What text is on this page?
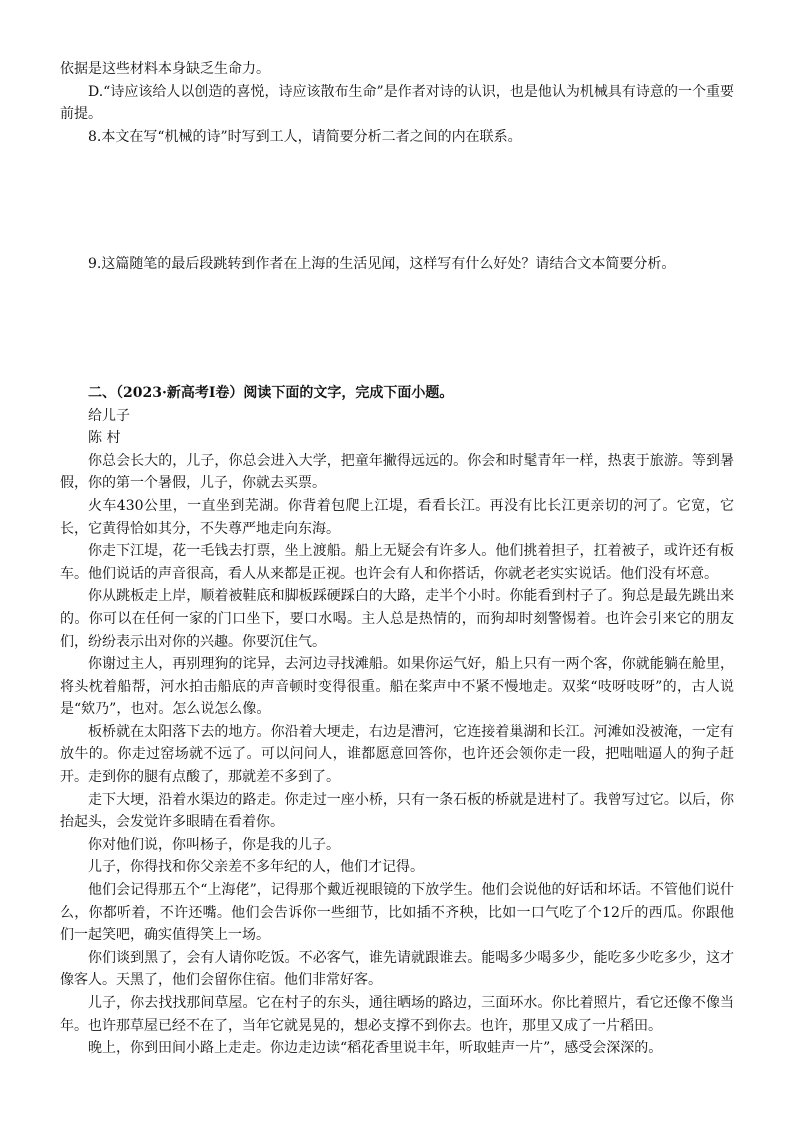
依据是这些材料本身缺乏生命力。

D.“诗应该给人以创造的喜悦，诗应该散布生命”是作者对诗的认识，也是他认为机械具有诗意的一个重要前提。

8.本文在写“机械的诗”时写到工人，请简要分析二者之间的内在联系。

9.这篇随笔的最后段跳转到作者在上海的生活见闻，这样写有什么好处？请结合文本简要分析。

二、（2023·新高考Ⅰ卷）阅读下面的文字，完成下面小题。

给儿子

陈 村

你总会长大的，儿子，你总会进入大学，把童年撇得远远的。你会和时髦青年一样，热衷于旅游。等到暑假，你的第一个暑假，儿子，你就去买票。

火车430公里，一直坐到芜湖。你背着包爬上江堤，看看长江。再没有比长江更亲切的河了。它宽，它长，它黄得恰如其分，不失尊严地走向东海。

你走下江堤，花一毛钱去打票，坐上渡船。船上无疑会有许多人。他们挑着担子，扛着被子，或许还有板车。他们说话的声音很高，看人从来都是正视。也许会有人和你搭话，你就老老实实说话。他们没有坏意。

你从跳板走上岸，顺着被鞋底和脚板踩硬踩白的大路，走半个小时。你能看到村子了。狗总是最先跳出来的。你可以在任何一家的门口坐下，要口水喝。主人总是热情的，而狗却时刻警惕着。也许会引来它的朋友们，纷纷表示出对你的兴趣。你要沉住气。

你谢过主人，再别理狗的诧异，去河边寻找滩船。如果你运气好，船上只有一两个客，你就能躺在舱里，将头枕着船帮，河水拍击船底的声音顿时变得很重。船在桨声中不紧不慢地走。双桨“吱呀吱呀”的，古人说是“欸乃”，也对。怎么说怎么像。

板桥就在太阳落下去的地方。你沿着大埂走，右边是漕河，它连接着巢湖和长江。河滩如没被淹，一定有放牛的。你走过窑场就不远了。可以问问人，谁都愿意回答你，也许还会领你走一段，把咄咄逼人的狗子赶开。走到你的腿有点酸了，那就差不多到了。

走下大埂，沿着水渠边的路走。你走过一座小桥，只有一条石板的桥就是进村了。我曾写过它。以后，你抬起头，会发觉许多眼睛在看着你。

你对他们说，你叫杨子，你是我的儿子。

儿子，你得找和你父亲差不多年纪的人，他们才记得。

他们会记得那五个“上海佬”，记得那个戴近视眼镜的下放学生。他们会说他的好话和坏话。不管他们说什么，你都听着，不许还嘴。他们会告诉你一些细节，比如插不齐秧，比如一口气吃了个12斤的西瓜。你跟他们一起笑吧，确实值得笑上一场。

你们谈到黑了，会有人请你吃饭。不必客气，谁先请就跟谁去。能喝多少喝多少，能吃多少吃多少，这才像客人。天黑了，他们会留你住宿。他们非常好客。

儿子，你去找找那间草屋。它在村子的东头，通往晒场的路边，三面环水。你比着照片，看它还像不像当年。也许那草屋已经不在了，当年它就晃晃的，想必支撑不到你去。也许，那里又成了一片稻田。

晚上，你到田间小路上走走。你边走边读“稻花香里说丰年，听取蛙声一片”，感受会深深的。
